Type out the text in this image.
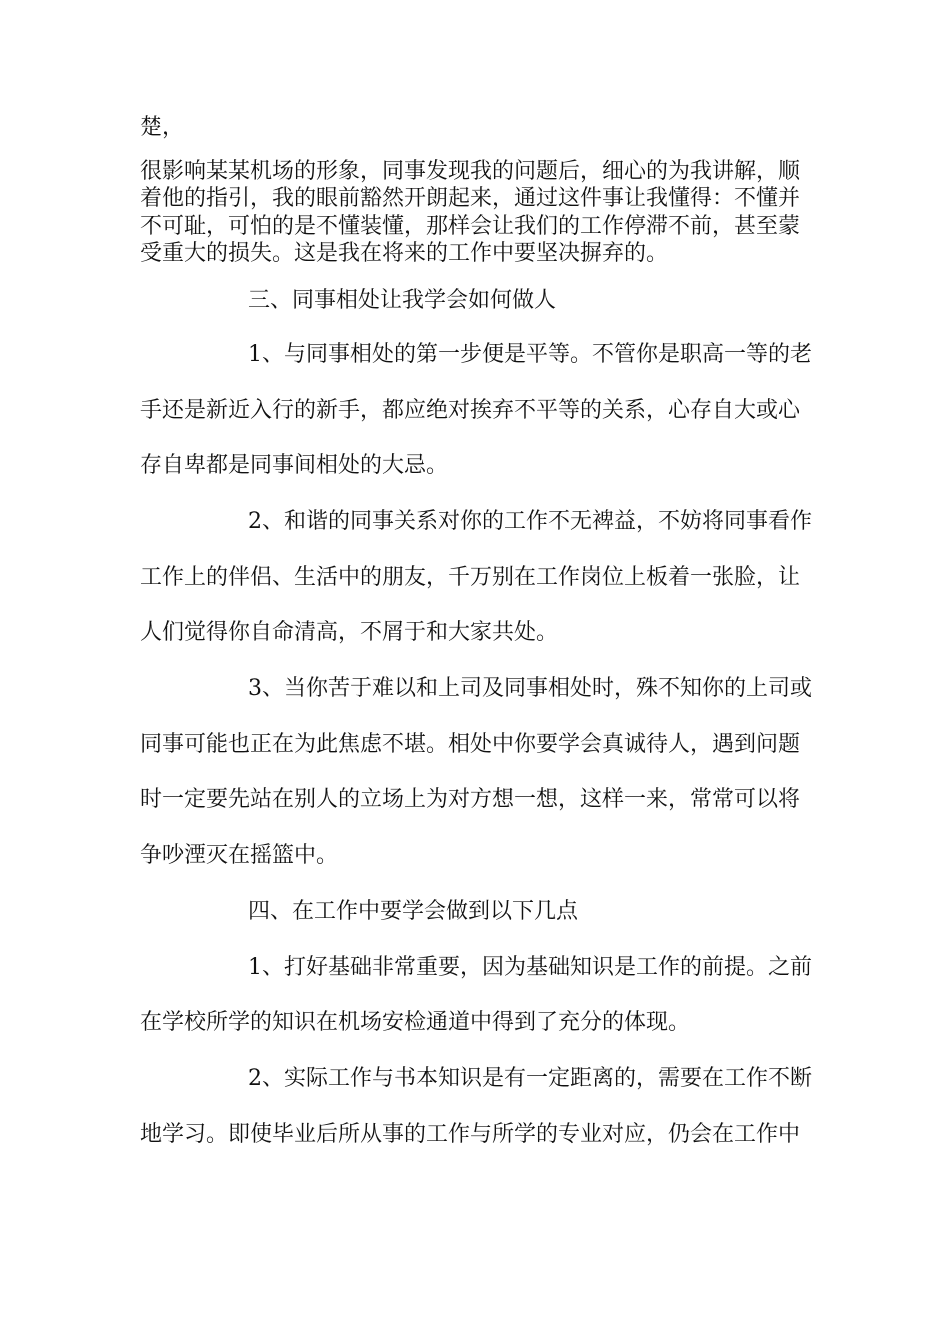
楚，
很影响某某机场的形象，同事发现我的问题后，细心的为我讲解，顺
着他的指引，我的眼前豁然开朗起来，通过这件事让我懂得：不懂并
不可耻，可怕的是不懂装懂，那样会让我们的工作停滞不前，甚至蒙
受重大的损失。这是我在将来的工作中要坚决摒弃的。
三、同事相处让我学会如何做人
1、与同事相处的第一步便是平等。不管你是职高一等的老
手还是新近入行的新手，都应绝对挨弃不平等的关系，心存自大或心
存自卑都是同事间相处的大忌。
2、和谐的同事关系对你的工作不无裨益，不妨将同事看作
工作上的伴侣、生活中的朋友，千万别在工作岗位上板着一张脸，让
人们觉得你自命清高，不屑于和大家共处。
3、当你苦于难以和上司及同事相处时，殊不知你的上司或
同事可能也正在为此焦虑不堪。相处中你要学会真诚待人，遇到问题
时一定要先站在别人的立场上为对方想一想，这样一来，常常可以将
争吵湮灭在摇篮中。
四、在工作中要学会做到以下几点
1、打好基础非常重要，因为基础知识是工作的前提。之前
在学校所学的知识在机场安检通道中得到了充分的体现。
2、实际工作与书本知识是有一定距离的，需要在工作不断
地学习。即使毕业后所从事的工作与所学的专业对应，仍会在工作中
